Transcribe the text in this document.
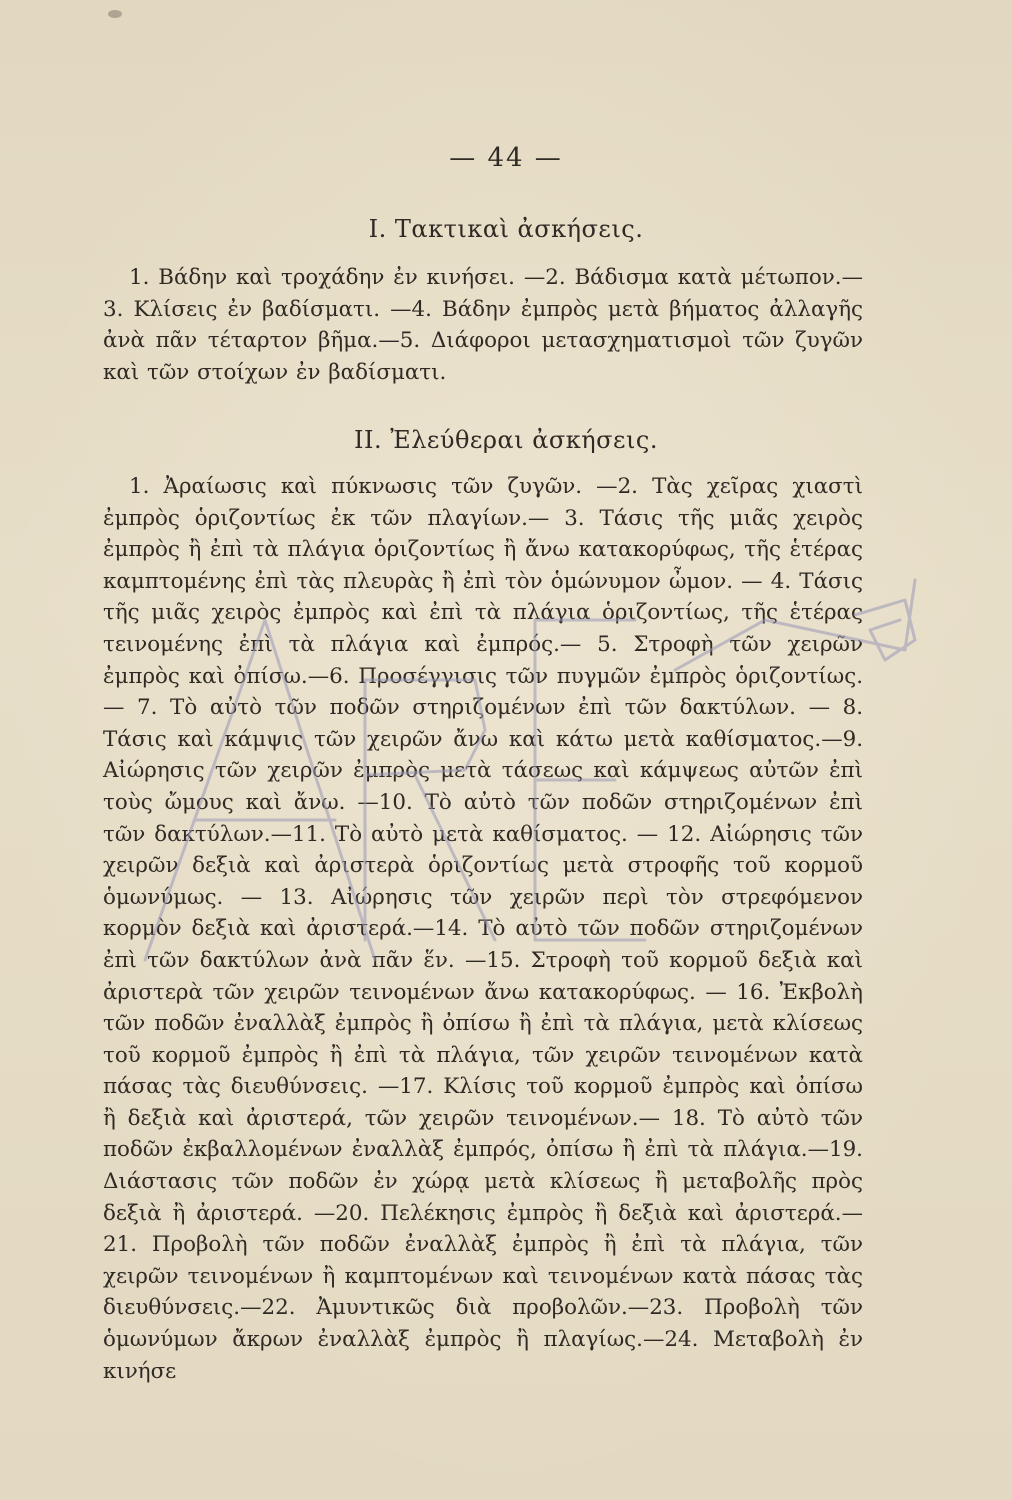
— 44 —
Ι. Τακτικαὶ ἀσκήσεις.

1. Βάδην καὶ τροχάδην ἐν κινήσει. —2. Βάδισμα κατὰ μέτωπον.— 3. Κλίσεις ἐν βαδίσματι. —4. Βάδην ἐμπρὸς μετὰ βήματος ἀλλαγῆς ἀνὰ πᾶν τέταρτον βῆμα.—5. Διάφοροι μετασχηματισμοὶ τῶν ζυγῶν καὶ τῶν στοίχων ἐν βαδίσματι.

ΙΙ. Ἐλεύθεραι ἀσκήσεις.

1. Ἀραίωσις καὶ πύκνωσις τῶν ζυγῶν. —2. Τὰς χεῖρας χιαστὶ ἐμπρὸς ὁριζοντίως ἐκ τῶν πλαγίων.— 3. Τάσις τῆς μιᾶς χειρὸς ἐμπρὸς ἢ ἐπὶ τὰ πλάγια ὁριζοντίως ἢ ἄνω κατακορύφως, τῆς ἑτέρας καμπτομένης ἐπὶ τὰς πλευρὰς ἢ ἐπὶ τὸν ὁμώνυμον ὦμον. — 4. Τάσις τῆς μιᾶς χειρὸς ἐμπρὸς καὶ ἐπὶ τὰ πλάγια ὁριζοντίως, τῆς ἑτέρας τεινομένης ἐπὶ τὰ πλάγια καὶ ἐμπρός.— 5. Στροφὴ τῶν χειρῶν ἐμπρὸς καὶ ὀπίσω.—6. Προσέγγισις τῶν πυγμῶν ἐμπρὸς ὁριζοντίως. — 7. Τὸ αὐτὸ τῶν ποδῶν στηριζομένων ἐπὶ τῶν δακτύλων. — 8. Τάσις καὶ κάμψις τῶν χειρῶν ἄνω καὶ κάτω μετὰ καθίσματος.—9. Αἰώρησις τῶν χειρῶν ἐμπρὸς μετὰ τάσεως καὶ κάμψεως αὐτῶν ἐπὶ τοὺς ὤμους καὶ ἄνω. —10. Τὸ αὐτὸ τῶν ποδῶν στηριζομένων ἐπὶ τῶν δακτύλων.—11. Τὸ αὐτὸ μετὰ καθίσματος. — 12. Αἰώρησις τῶν χειρῶν δεξιὰ καὶ ἀριστερὰ ὁριζοντίως μετὰ στροφῆς τοῦ κορμοῦ ὁμωνύμως. — 13. Αἰώρησις τῶν χειρῶν περὶ τὸν στρεφόμενον κορμὸν δεξιὰ καὶ ἀριστερά.—14. Τὸ αὐτὸ τῶν ποδῶν στηριζομένων ἐπὶ τῶν δακτύλων ἀνὰ πᾶν ἕν. —15. Στροφὴ τοῦ κορμοῦ δεξιὰ καὶ ἀριστερὰ τῶν χειρῶν τεινομένων ἄνω κατακορύφως. — 16. Ἐκβολὴ τῶν ποδῶν ἐναλλὰξ ἐμπρὸς ἢ ὀπίσω ἢ ἐπὶ τὰ πλάγια, μετὰ κλίσεως τοῦ κορμοῦ ἐμπρὸς ἢ ἐπὶ τὰ πλάγια, τῶν χειρῶν τεινομένων κατὰ πάσας τὰς διευθύνσεις. —17. Κλίσις τοῦ κορμοῦ ἐμπρὸς καὶ ὀπίσω ἢ δεξιὰ καὶ ἀριστερά, τῶν χειρῶν τεινομένων.— 18. Τὸ αὐτὸ τῶν ποδῶν ἐκβαλλομένων ἐναλλὰξ ἐμπρός, ὀπίσω ἢ ἐπὶ τὰ πλάγια.—19. Διάστασις τῶν ποδῶν ἐν χώρᾳ μετὰ κλίσεως ἢ μεταβολῆς πρὸς δεξιὰ ἢ ἀριστερά. —20. Πελέκησις ἐμπρὸς ἢ δεξιὰ καὶ ἀριστερά.—21. Προβολὴ τῶν ποδῶν ἐναλλὰξ ἐμπρὸς ἢ ἐπὶ τὰ πλάγια, τῶν χειρῶν τεινομένων ἢ καμπτομένων καὶ τεινομένων κατὰ πάσας τὰς διευθύνσεις.—22. Ἀμυντικῶς διὰ προβολῶν.—23. Προβολὴ τῶν ὁμωνύμων ἄκρων ἐναλλὰξ ἐμπρὸς ἢ πλαγίως.—24. Μεταβολὴ ἐν κινήσε
